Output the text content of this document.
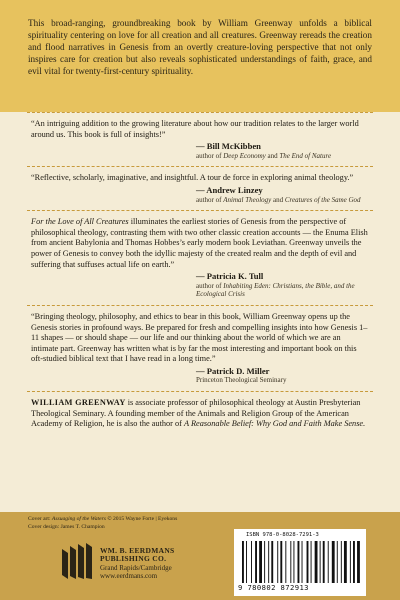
This broad-ranging, groundbreaking book by William Greenway unfolds a biblical spirituality centering on love for all creation and all creatures. Greenway rereads the creation and flood narratives in Genesis from an overtly creature-loving perspective that not only inspires care for creation but also reveals sophisticated understandings of faith, grace, and evil vital for twenty-first-century spirituality.

“An intriguing addition to the growing literature about how our tradition relates to the larger world around us. This book is full of insights!”

— Bill McKibben
author of Deep Economy and The End of Nature

“Reflective, scholarly, imaginative, and insightful. A tour de force in exploring animal theology.”

— Andrew Linzey
author of Animal Theology and Creatures of the Same God

For the Love of All Creatures illuminates the earliest stories of Genesis from the perspective of philosophical theology, contrasting them with two other classic creation accounts — the Enuma Elish from ancient Babylonia and Thomas Hobbes’s early modern book Leviathan. Greenway unveils the power of Genesis to convey both the idyllic majesty of the created realm and the depth of evil and suffering that suffuses actual life on earth.”

— Patricia K. Tull
author of Inhabiting Eden: Christians, the Bible, and the Ecological Crisis

“Bringing theology, philosophy, and ethics to bear in this book, William Greenway opens up the Genesis stories in profound ways. Be prepared for fresh and compelling insights into how Genesis 1–11 shapes — or should shape — our life and our thinking about the world of which we are an intimate part. Greenway has written what is by far the most interesting and important book on this oft-studied biblical text that I have read in a long time.”

— Patrick D. Miller
Princeton Theological Seminary
WILLIAM GREENWAY is associate professor of philosophical theology at Austin Presbyterian Theological Seminary. A founding member of the Animals and Religion Group of the American Academy of Religion, he is also the author of A Reasonable Belief: Why God and Faith Make Sense.
Cover art: Assuaging of the Waters © 2015 Wayne Forte | Eyekons
Cover design: James T. Champion
WM. B. EERDMANS
PUBLISHING CO.
Grand Rapids/Cambridge
www.eerdmans.com
ISBN 978-0-8028-7291-3
9 780802 872913
